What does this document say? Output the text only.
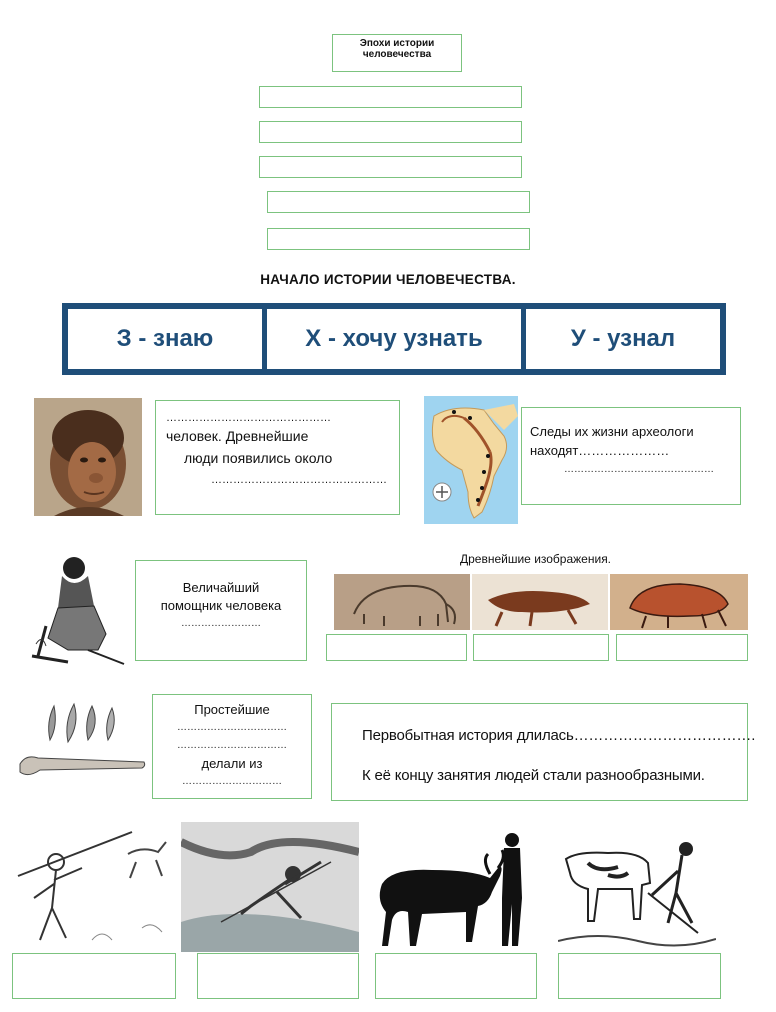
Эпохи истории человечества
НАЧАЛО ИСТОРИИ ЧЕЛОВЕЧЕСТВА.
З - знаю	Х - хочу узнать	У - узнал
………………………………………
человек. Древнейшие
люди появились около
…………………………………………
Следы их жизни археологи
находят…………………
………………………………………
Величайший
помощник человека
……………………
Древнейшие изображения.
Простейшие
……………………………
……………………………
делали из
…………………………
Первобытная история длилась……………………………….
К её концу занятия людей стали разнообразными.
